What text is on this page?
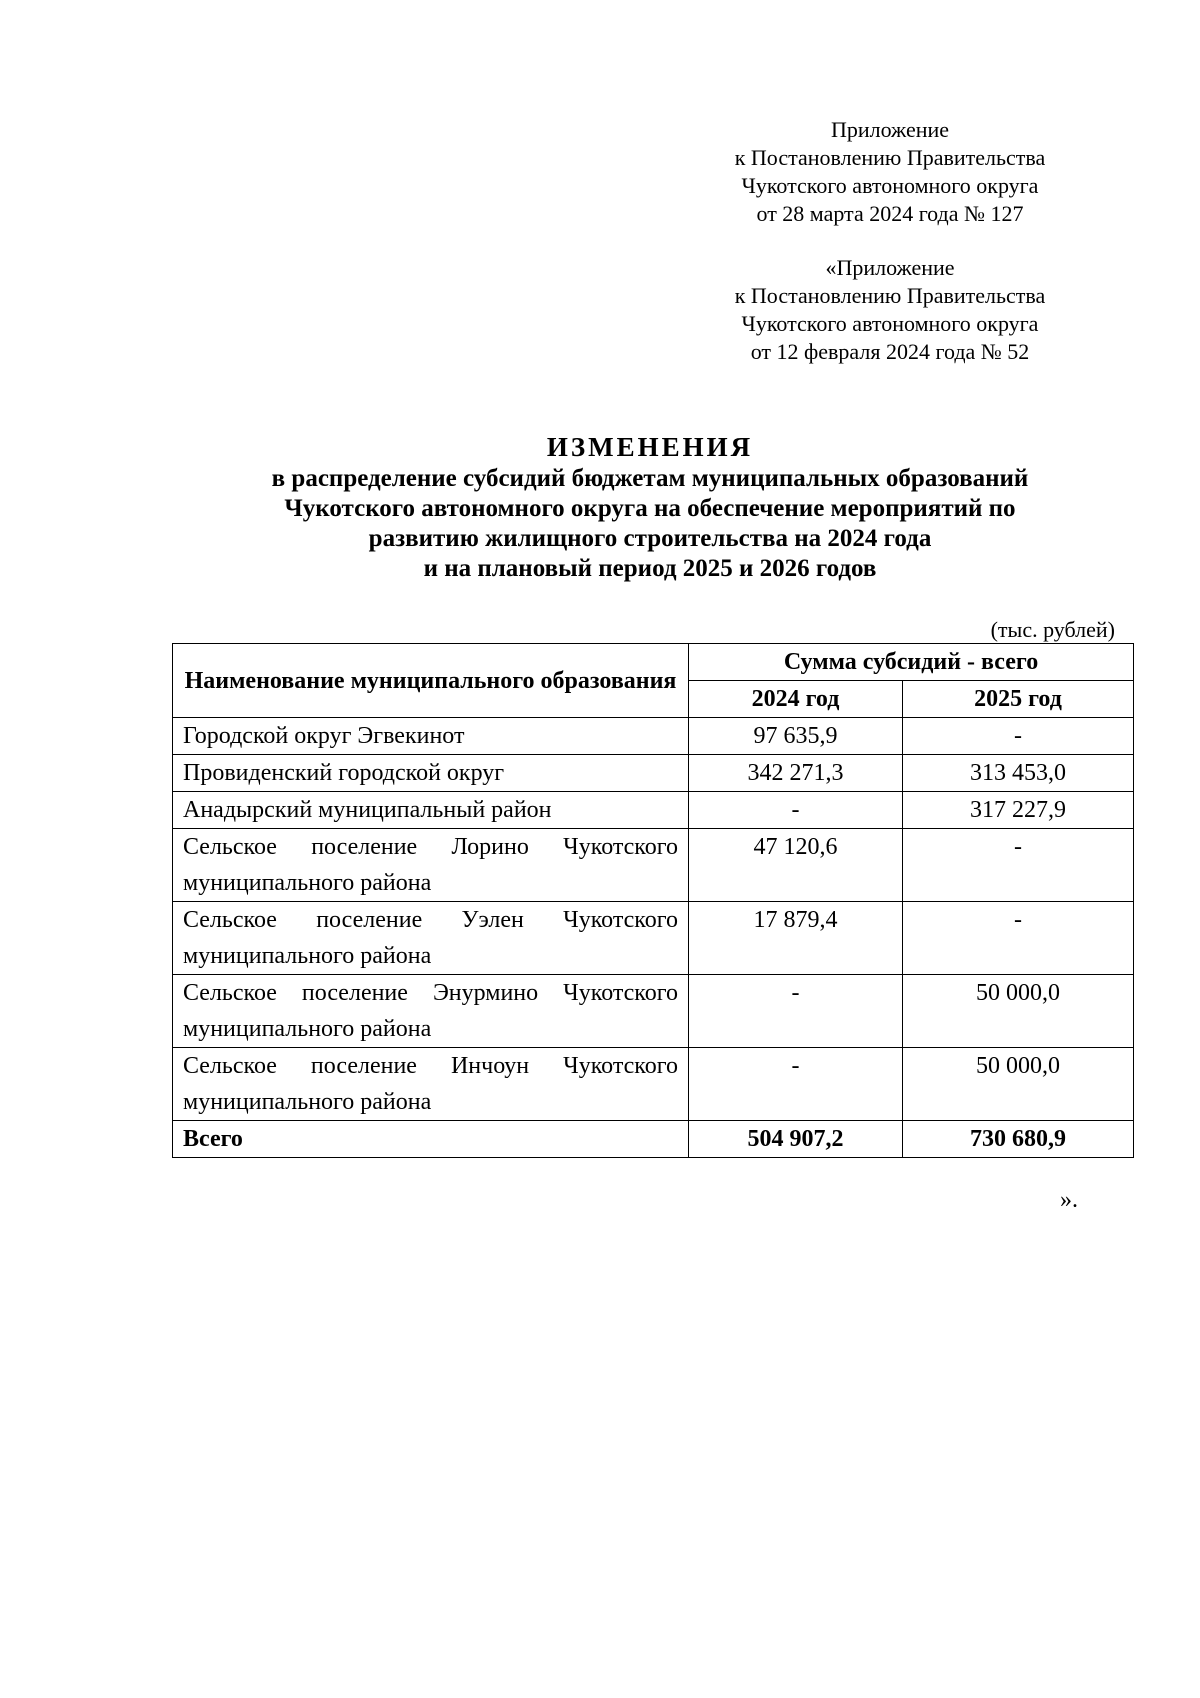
Приложение
к Постановлению Правительства
Чукотского автономного округа
от 28 марта 2024 года № 127
«Приложение
к Постановлению Правительства
Чукотского автономного округа
от 12 февраля 2024 года № 52
ИЗМЕНЕНИЯ
в распределение субсидий бюджетам муниципальных образований
Чукотского автономного округа на обеспечение мероприятий по
развитию жилищного строительства на 2024 года
и на плановый период 2025 и 2026 годов
(тыс. рублей)
Наименование муниципального образования	Сумма субсидий - всего	
	2024 год	2025 год
Городской округ Эгвекинот	97 635,9	-
Провиденский городской округ	342 271,3	313 453,0
Анадырский муниципальный район	-	317 227,9
Сельское поселение Лорино Чукотского муниципального района	47 120,6	-
Сельское поселение Уэлен Чукотского муниципального района	17 879,4	-
Сельское поселение Энурмино Чукотского муниципального района	-	50 000,0
Сельское поселение Инчоун Чукотского муниципального района	-	50 000,0
Всего	504 907,2	730 680,9
».
